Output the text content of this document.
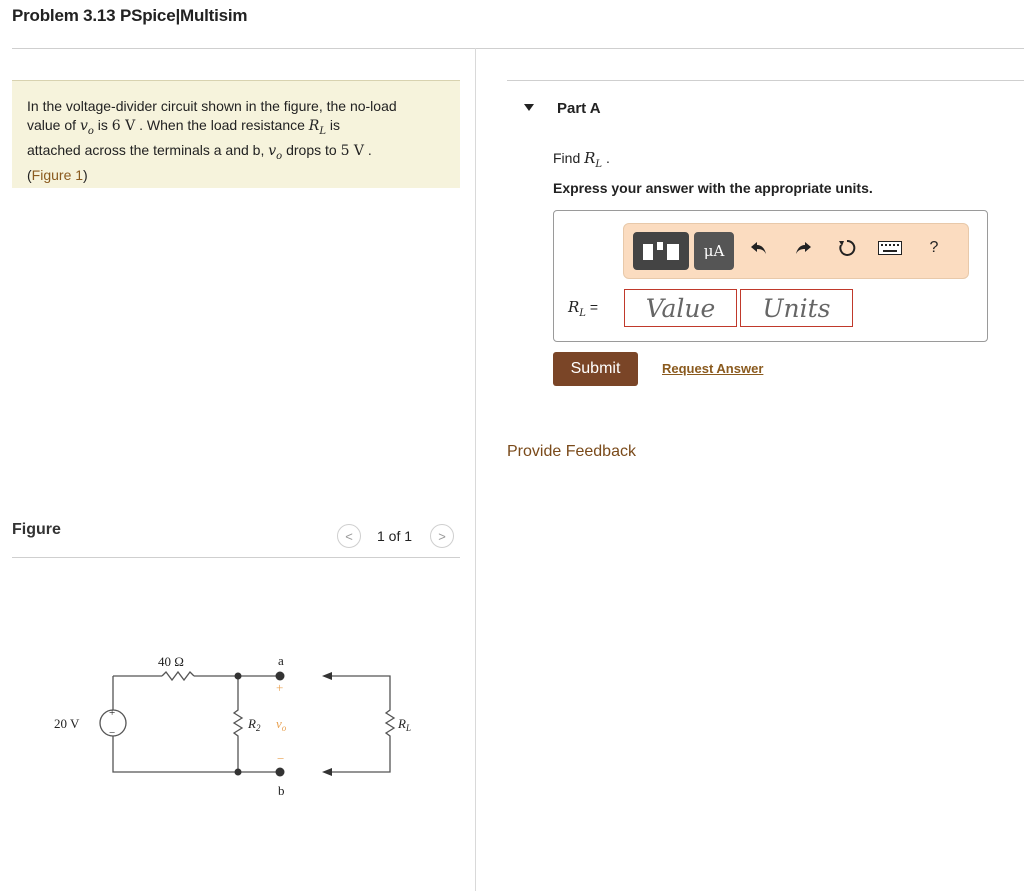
Problem 3.13 PSpice|Multisim
In the voltage-divider circuit shown in the figure, the no-load
value of $v_o$ is 6 V . When the load resistance $R_L$ is
attached across the terminals a and b, $v_o$ drops to 5 V .
(Figure 1)
Figure	<	1 of 1	>
40 Ω	a
b
+
−
+
−
20 V	$R_2$ $v_o$	$R_L$
Part A
Find $R_L$ .
Express your answer with the appropriate units.
μA	?
$R_L$ =	Value	Units
Submit	Request Answer
Provide Feedback
